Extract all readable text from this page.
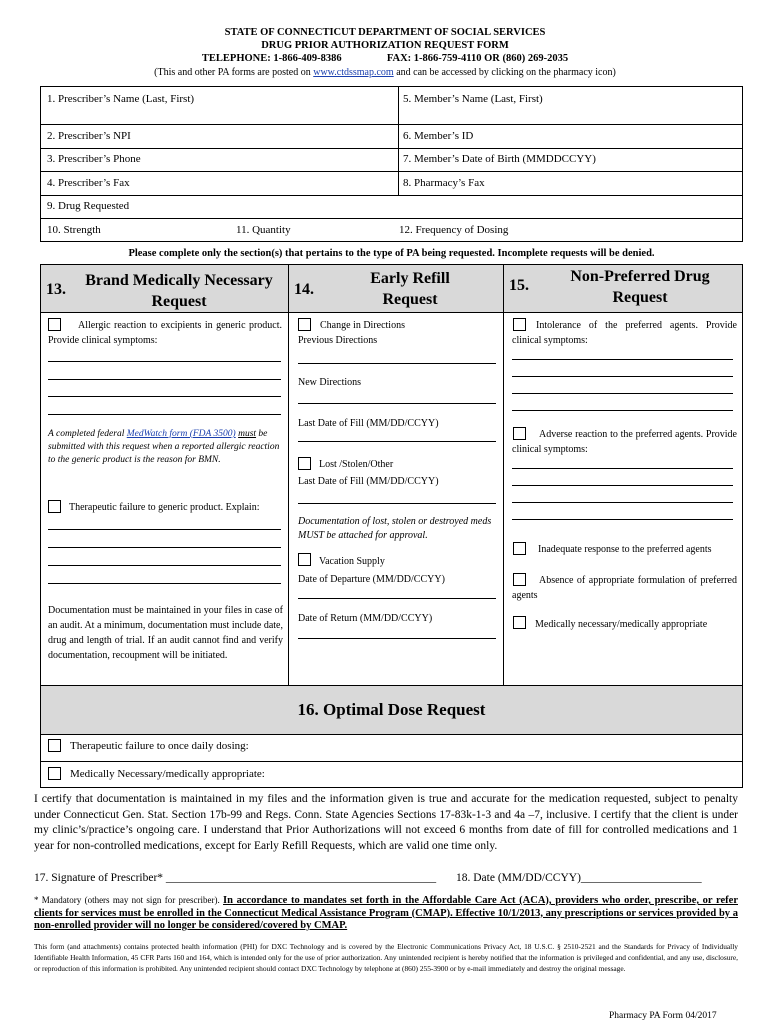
STATE OF CONNECTICUT DEPARTMENT OF SOCIAL SERVICES
DRUG PRIOR AUTHORIZATION REQUEST FORM
TELEPHONE: 1-866-409-8386	FAX: 1-866-759-4110 OR (860) 269-2035
(This and other PA forms are posted on www.ctdssmap.com and can be accessed by clicking on the pharmacy icon)
1. Prescriber’s Name (Last, First)	5. Member’s Name (Last, First)
2. Prescriber’s NPI	6. Member’s ID
3. Prescriber’s Phone	7. Member’s Date of Birth (MMDDCCYY)
4. Prescriber’s Fax	8. Pharmacy’s Fax
9. Drug Requested
10. Strength	11. Quantity	12. Frequency of Dosing
Please complete only the section(s) that pertains to the type of PA being requested. Incomplete requests will be denied.
13.
Brand Medically Necessary
Request
14.
Early Refill
Request
15.
Non-Preferred Drug
Request
Allergic reaction to excipients in generic product. Provide clinical symptoms:
A completed federal MedWatch form (FDA 3500) must be submitted with this request when a reported allergic reaction to the generic product is the reason for BMN.
Therapeutic failure to generic product. Explain:
Documentation must be maintained in your files in case of an audit. At a minimum, documentation must include date, drug and length of trial. If an audit cannot find and verify documentation, recoupment will be initiated.
Change in Directions
Previous Directions
New Directions
Last Date of Fill (MM/DD/CCYY)
Lost /Stolen/Other
Last Date of Fill (MM/DD/CCYY)
Documentation of lost, stolen or destroyed meds MUST be attached for approval.
Vacation Supply
Date of Departure (MM/DD/CCYY)
Date of Return (MM/DD/CCYY)
Intolerance of the preferred agents. Provide clinical symptoms:
Adverse reaction to the preferred agents. Provide clinical symptoms:
Inadequate response to the preferred agents
Absence of appropriate formulation of preferred agents
Medically necessary/medically appropriate
16. Optimal Dose Request
Therapeutic failure to once daily dosing:
Medically Necessary/medically appropriate:
I certify that documentation is maintained in my files and the information given is true and accurate for the medication requested, subject to penalty under Connecticut Gen. Stat. Section 17b-99 and Regs. Conn. State Agencies Sections 17-83k-1-3 and 4a –7, inclusive. I certify that the client is under my clinic’s/practice’s ongoing care. I understand that Prior Authorizations will not exceed 6 months from date of fill for controlled medications and 1 year for non-controlled medications, except for Early Refill Requests, which are valid one time only.
17. Signature of Prescriber* _______________________________________________ 18. Date (MM/DD/CCYY)_____________________
* Mandatory (others may not sign for prescriber). In accordance to mandates set forth in the Affordable Care Act (ACA), providers who order, prescribe, or refer clients for services must be enrolled in the Connecticut Medical Assistance Program (CMAP). Effective 10/1/2013, any prescriptions or services provided by a non-enrolled provider will no longer be considered/covered by CMAP.
This form (and attachments) contains protected health information (PHI) for DXC Technology and is covered by the Electronic Communications Privacy Act, 18 U.S.C. § 2510-2521 and the Standards for Privacy of Individually Identifiable Health Information, 45 CFR Parts 160 and 164, which is intended only for the use of prior authorization. Any unintended recipient is hereby notified that the information is privileged and confidential, and any use, disclosure, or reproduction of this information is prohibited. Any unintended recipient should contact DXC Technology by telephone at (860) 255-3900 or by e-mail immediately and destroy the original message.
Pharmacy PA Form 04/2017
